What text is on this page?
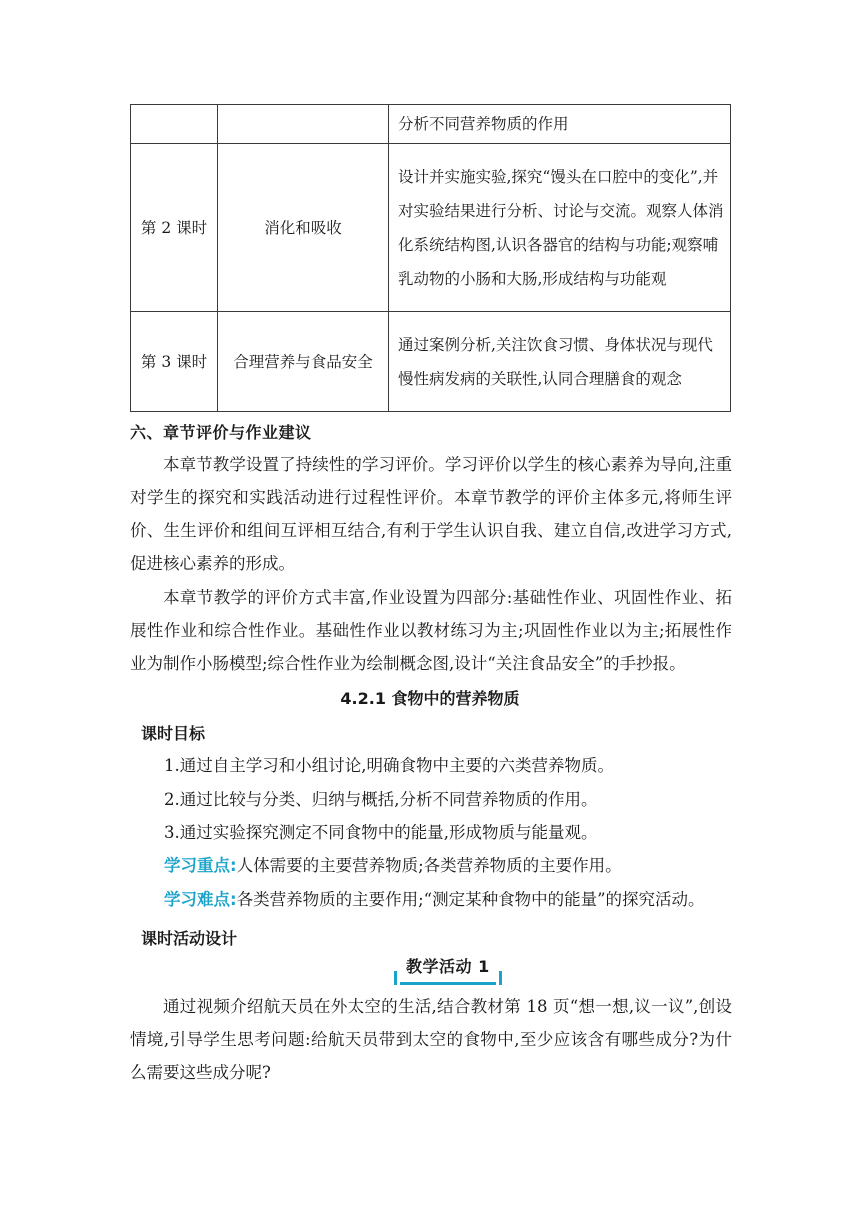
		分析不同营养物质的作用
第 2 课时	消化和吸收	设计并实施实验,探究“馒头在口腔中的变化”,并对实验结果进行分析、讨论与交流。观察人体消化系统结构图,认识各器官的结构与功能;观察哺乳动物的小肠和大肠,形成结构与功能观
第 3 课时	合理营养与食品安全	通过案例分析,关注饮食习惯、身体状况与现代慢性病发病的关联性,认同合理膳食的观念
六、章节评价与作业建议
本章节教学设置了持续性的学习评价。学习评价以学生的核心素养为导向,注重对学生的探究和实践活动进行过程性评价。本章节教学的评价主体多元,将师生评价、生生评价和组间互评相互结合,有利于学生认识自我、建立自信,改进学习方式,促进核心素养的形成。
本章节教学的评价方式丰富,作业设置为四部分:基础性作业、巩固性作业、拓展性作业和综合性作业。基础性作业以教材练习为主;巩固性作业以为主;拓展性作业为制作小肠模型;综合性作业为绘制概念图,设计“关注食品安全”的手抄报。
4.2.1 食物中的营养物质
课时目标
1.通过自主学习和小组讨论,明确食物中主要的六类营养物质。
2.通过比较与分类、归纳与概括,分析不同营养物质的作用。
3.通过实验探究测定不同食物中的能量,形成物质与能量观。
学习重点:人体需要的主要营养物质;各类营养物质的主要作用。
学习难点:各类营养物质的主要作用;“测定某种食物中的能量”的探究活动。
课时活动设计
教学活动 1
通过视频介绍航天员在外太空的生活,结合教材第 18 页“想一想,议一议”,创设情境,引导学生思考问题:给航天员带到太空的食物中,至少应该含有哪些成分?为什么需要这些成分呢?
